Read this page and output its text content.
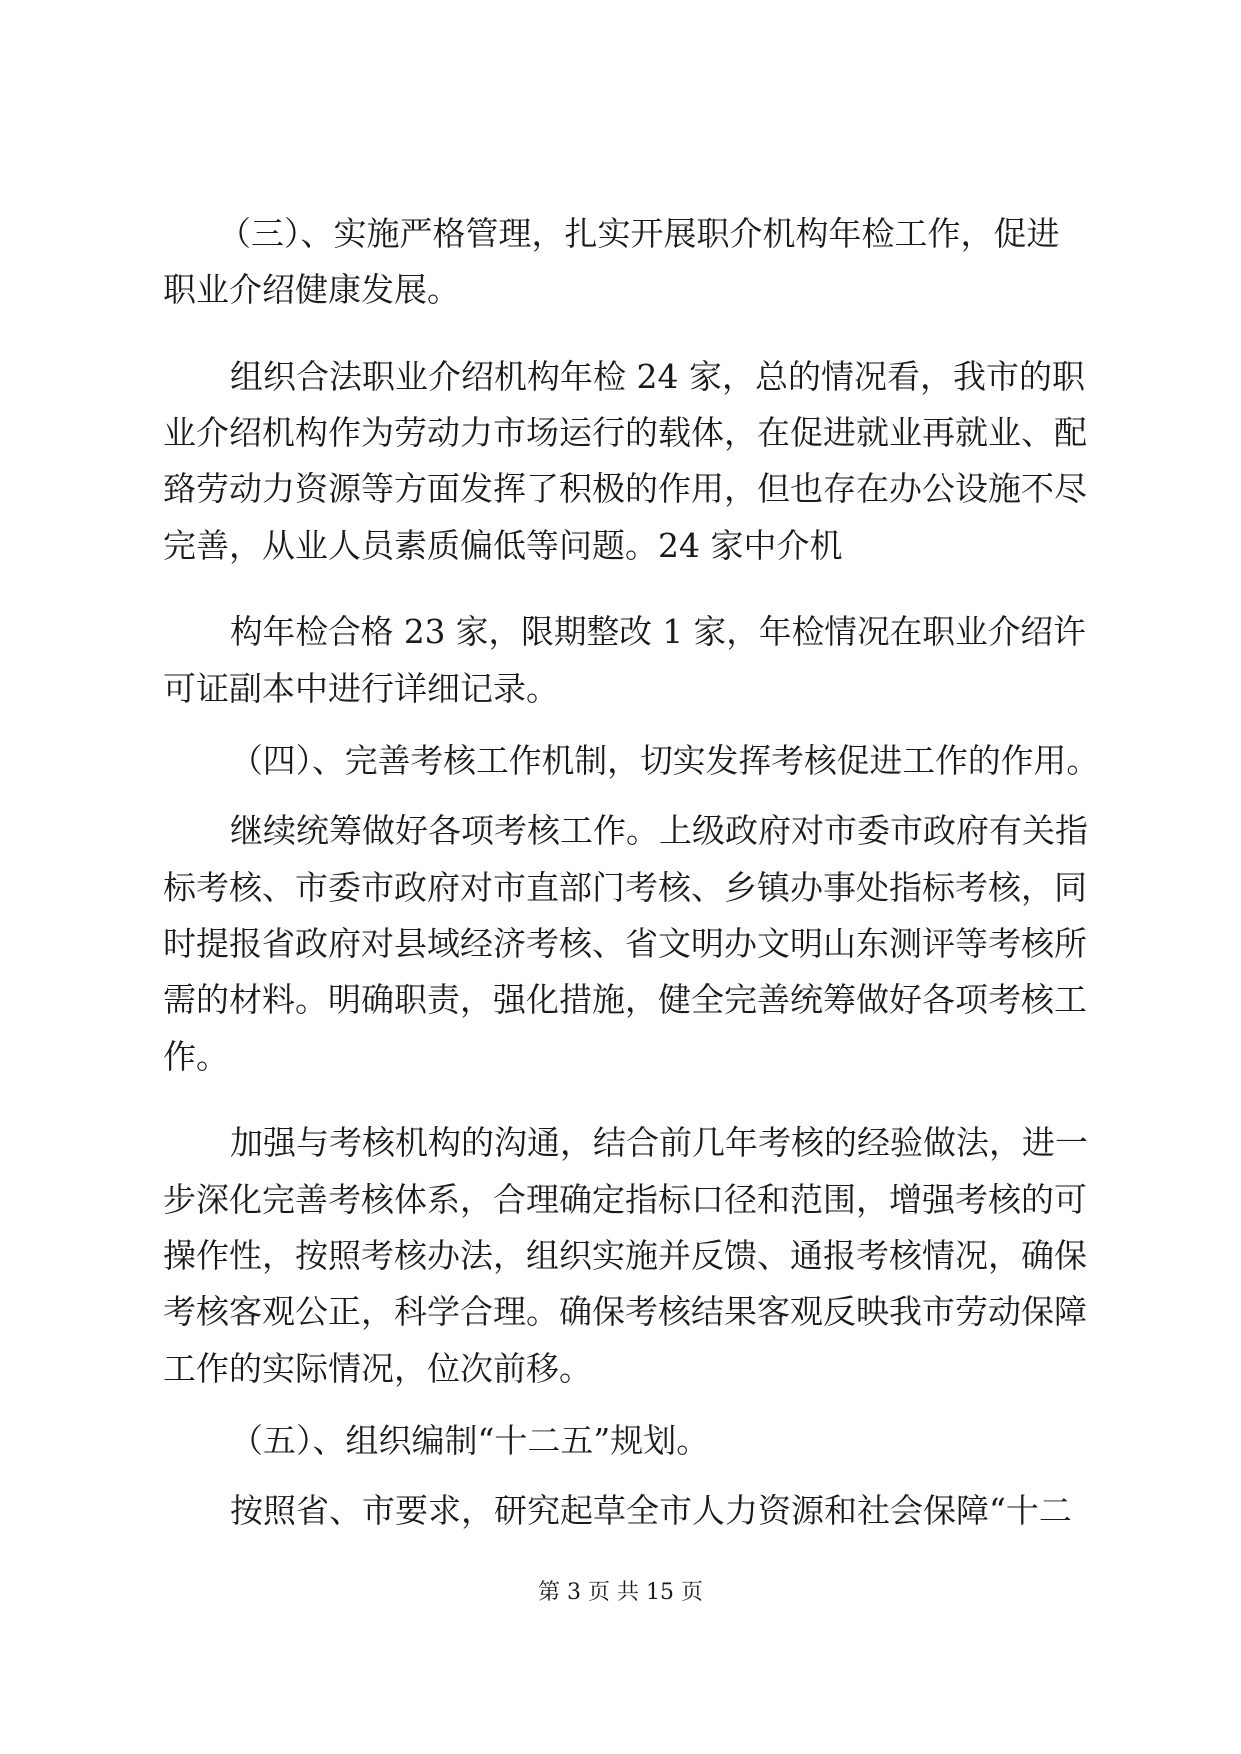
（三）、实施严格管理，扎实开展职介机构年检工作，促进
职业介绍健康发展。
组织合法职业介绍机构年检 24 家，总的情况看，我市的职
业介绍机构作为劳动力市场运行的载体，在促进就业再就业、配
臵劳动力资源等方面发挥了积极的作用，但也存在办公设施不尽
完善，从业人员素质偏低等问题。24 家中介机
构年检合格 23 家，限期整改 1 家，年检情况在职业介绍许
可证副本中进行详细记录。
（四）、完善考核工作机制，切实发挥考核促进工作的作用。
继续统筹做好各项考核工作。上级政府对市委市政府有关指
标考核、市委市政府对市直部门考核、乡镇办事处指标考核，同
时提报省政府对县域经济考核、省文明办文明山东测评等考核所
需的材料。明确职责，强化措施，健全完善统筹做好各项考核工
作。
加强与考核机构的沟通，结合前几年考核的经验做法，进一
步深化完善考核体系，合理确定指标口径和范围，增强考核的可
操作性，按照考核办法，组织实施并反馈、通报考核情况，确保
考核客观公正，科学合理。确保考核结果客观反映我市劳动保障
工作的实际情况，位次前移。
（五）、组织编制“十二五”规划。
按照省、市要求，研究起草全市人力资源和社会保障“十二
第 3 页 共 15 页
